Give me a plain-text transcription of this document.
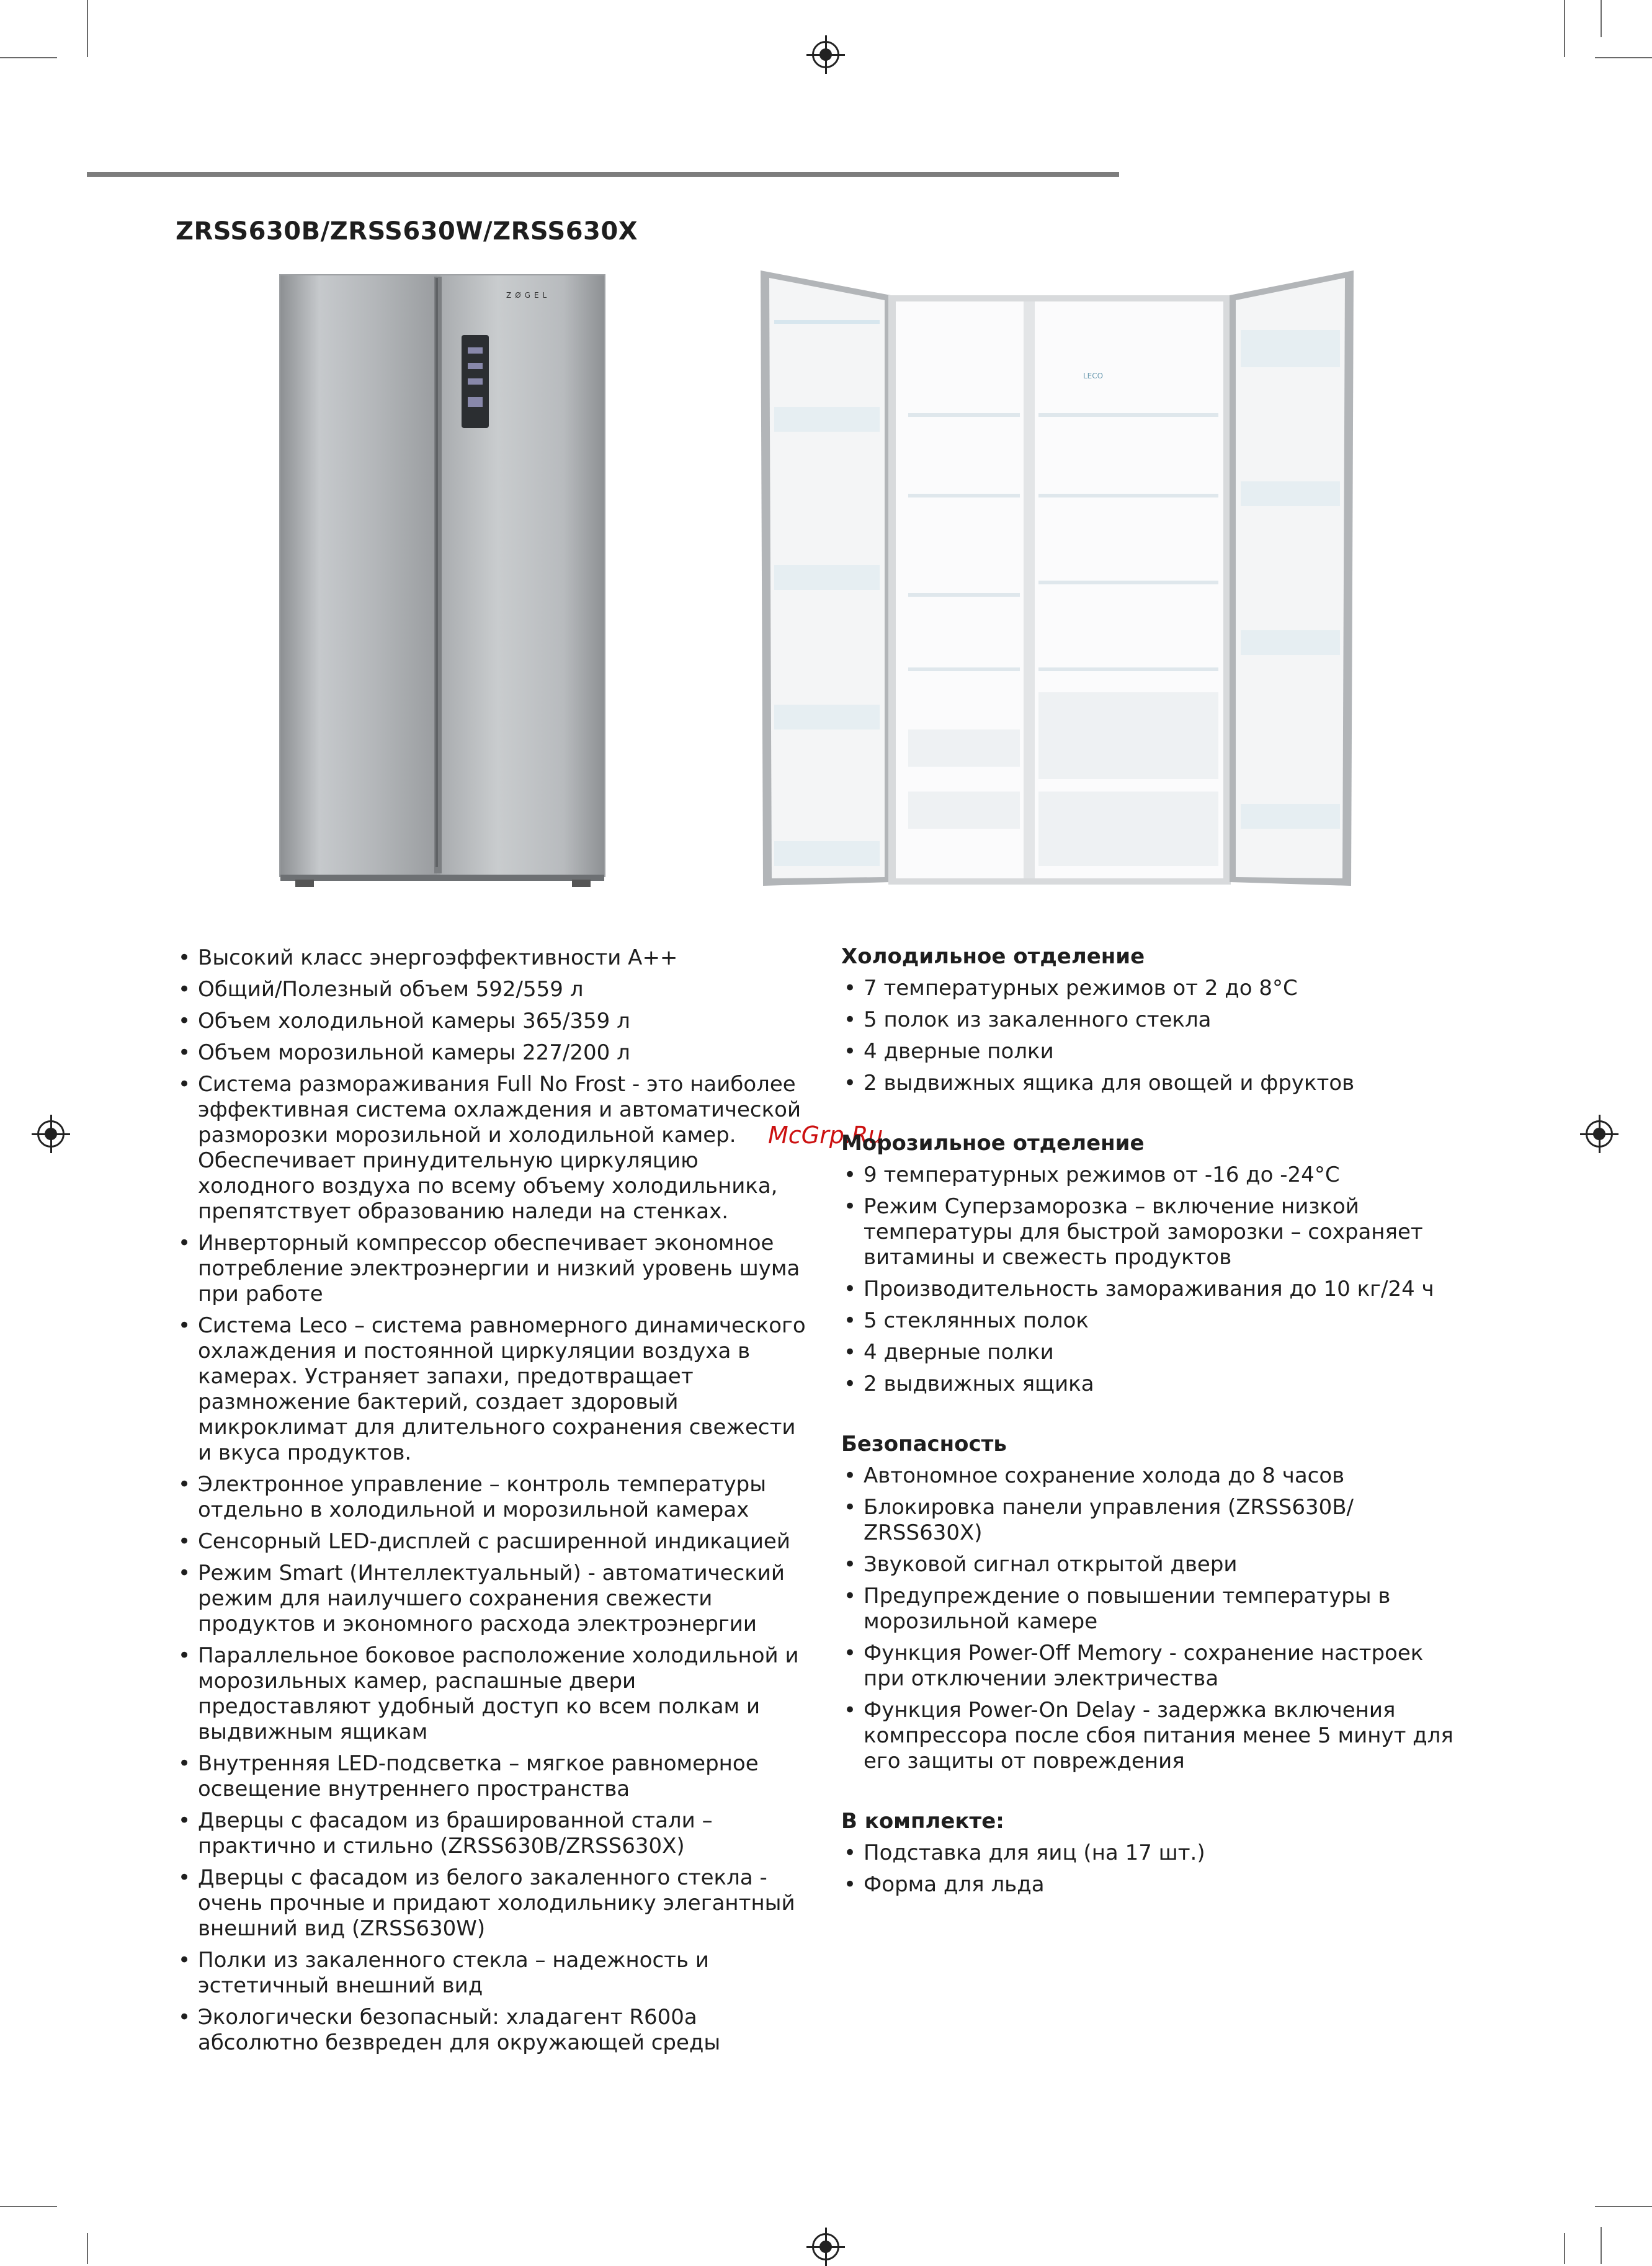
ZRSS630B/ZRSS630W/ZRSS630X
ZØGEL
LECO
McGrp.Ru
• Высокий класс энергоэффективности А++
• Общий/Полезный объем 592/559 л
• Объем холодильной камеры 365/359 л
• Объем морозильной камеры 227/200 л
• Система размораживания Full No Frost - это наиболее эффективная система охлаждения и автоматической разморозки морозильной и холодильной камер. Обеспечивает принудительную циркуляцию холодного воздуха по всему объему холодильника, препятствует образованию наледи на стенках.
• Инверторный компрессор обеспечивает экономное потребление электроэнергии и низкий уровень шума при работе
• Система Leco – система равномерного динамического охлаждения и постоянной циркуляции воздуха в камерах. Устраняет запахи, предотвращает размножение бактерий, создает здоровый микроклимат для длительного сохранения свежести и вкуса продуктов.
• Электронное управление – контроль температуры отдельно в холодильной и морозильной камерах
• Сенсорный LED-дисплей с расширенной индикацией
• Режим Smart (Интеллектуальный) - автоматический режим для наилучшего сохранения свежести продуктов и экономного расхода электроэнергии
• Параллельное боковое расположение холодильной и морозильных камер, распашные двери предоставляют удобный доступ ко всем полкам и выдвижным ящикам
• Внутренняя LED-подсветка – мягкое равномерное освещение внутреннего пространства
• Дверцы с фасадом из брашированной стали – практично и стильно (ZRSS630B/ZRSS630X)
• Дверцы с фасадом из белого закаленного стекла - очень прочные и придают холодильнику элегантный внешний вид (ZRSS630W)
• Полки из закаленного стекла – надежность и эстетичный внешний вид
• Экологически безопасный: хладагент R600a абсолютно безвреден для окружающей среды
Холодильное отделение
• 7 температурных режимов от 2 до 8°С
• 5 полок из закаленного стекла
• 4 дверные полки
• 2 выдвижных ящика для овощей и фруктов
Морозильное отделение
• 9 температурных режимов от -16 до -24°С
• Режим Суперзаморозка – включение низкой температуры для быстрой заморозки – сохраняет витамины и свежесть продуктов
• Производительность замораживания до 10 кг/24 ч
• 5 стеклянных полок
• 4 дверные полки
• 2 выдвижных ящика
Безопасность
• Автономное сохранение холода до 8 часов
• Блокировка панели управления (ZRSS630B/ ZRSS630X)
• Звуковой сигнал открытой двери
• Предупреждение о повышении температуры в морозильной камере
• Функция Power-Off Memory - сохранение настроек при отключении электричества
• Функция Power-On Delay - задержка включения компрессора после сбоя питания менее 5 минут для его защиты от повреждения
В комплекте:
• Подставка для яиц (на 17 шт.)
• Форма для льда
